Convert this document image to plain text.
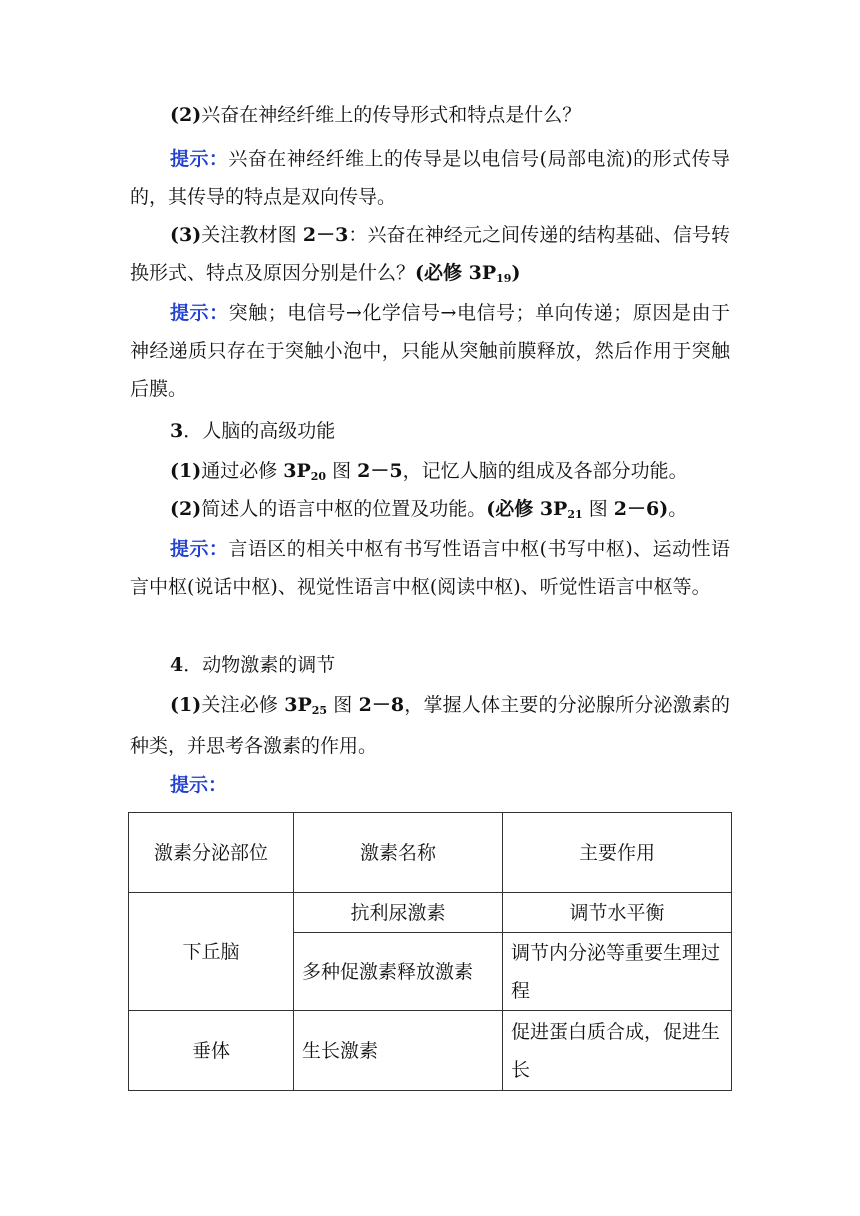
(2)兴奋在神经纤维上的传导形式和特点是什么？

提示：兴奋在神经纤维上的传导是以电信号(局部电流)的形式传导的，其传导的特点是双向传导。

(3)关注教材图 2－3：兴奋在神经元之间传递的结构基础、信号转换形式、特点及原因分别是什么？(必修 $3P_{19}$)

提示：突触；电信号→化学信号→电信号；单向传递；原因是由于神经递质只存在于突触小泡中，只能从突触前膜释放，然后作用于突触后膜。

3．人脑的高级功能

(1)通过必修 $3P_{20}$ 图 2－5，记忆人脑的组成及各部分功能。

(2)简述人的语言中枢的位置及功能。(必修 $3P_{21}$ 图 2－6)。

提示：言语区的相关中枢有书写性语言中枢(书写中枢)、运动性语言中枢(说话中枢)、视觉性语言中枢(阅读中枢)、听觉性语言中枢等。

4．动物激素的调节

(1)关注必修 $3P_{25}$ 图 2－8，掌握人体主要的分泌腺所分泌激素的种类，并思考各激素的作用。

提示：

激素分泌部位	激素名称	主要作用
下丘脑	抗利尿激素	调节水平衡
	多种促激素释放激素	调节内分泌等重要生理过程
垂体	生长激素	促进蛋白质合成，促进生长
